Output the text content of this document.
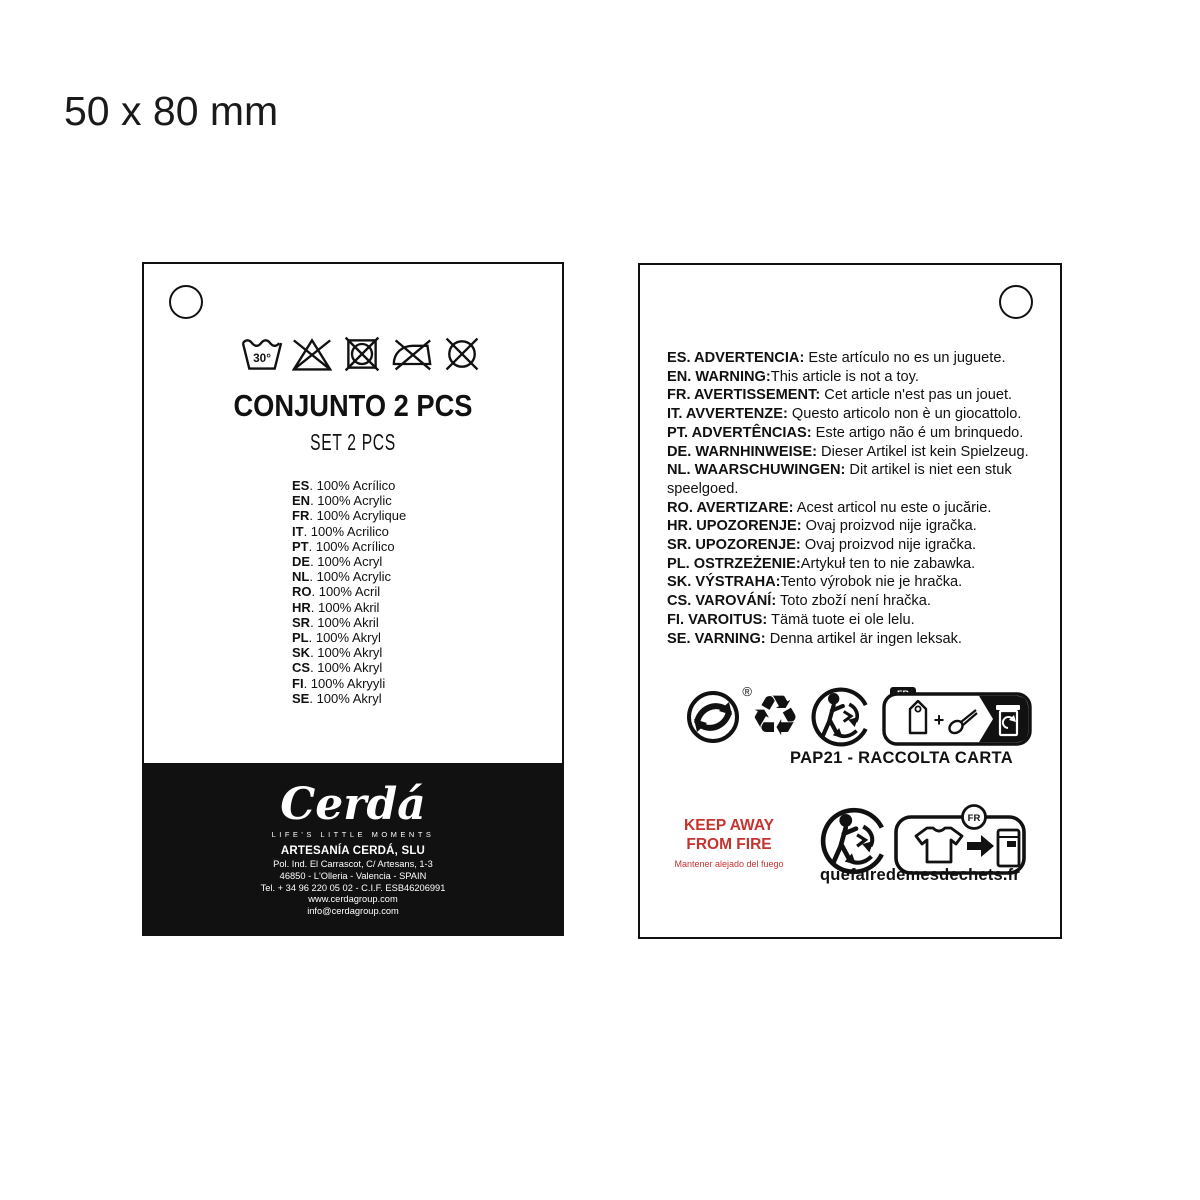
50 x 80 mm
30°
CONJUNTO 2 PCS
SET 2 PCS
ES. 100% Acrílico
EN. 100% Acrylic
FR. 100% Acrylique
IT. 100% Acrilico
PT. 100% Acrílico
DE. 100% Acryl
NL. 100% Acrylic
RO. 100% Acril
HR. 100% Akril
SR. 100% Akril
PL. 100% Akryl
SK. 100% Akryl
CS. 100% Akryl
FI. 100% Akryyli
SE. 100% Akryl
Cerdá
LIFE'S LITTLE MOMENTS
ARTESANÍA CERDÁ, SLU
Pol. Ind. El Carrascot, C/ Artesans, 1-3
46850 - L'Olleria - Valencia - SPAIN
Tel. + 34 96 220 05 02 - C.I.F. ESB46206991
www.cerdagroup.com
info@cerdagroup.com
ES. ADVERTENCIA: Este artículo no es un juguete.
EN. WARNING:This article is not a toy.
FR. AVERTISSEMENT: Cet article n'est pas un jouet.
IT. AVVERTENZE: Questo articolo non è un giocattolo.
PT. ADVERTÊNCIAS: Este artigo não é um brinquedo.
DE. WARNHINWEISE: Dieser Artikel ist kein Spielzeug.
NL. WAARSCHUWINGEN: Dit artikel is niet een stuk
speelgoed.
RO. AVERTIZARE: Acest articol nu este o jucărie.
HR. UPOZORENJE: Ovaj proizvod nije igračka.
SR. UPOZORENJE: Ovaj proizvod nije igračka.
PL. OSTRZEŻENIE:Artykuł ten to nie zabawka.
SK. VÝSTRAHA:Tento výrobok nie je hračka.
CS. VAROVÁNÍ: Toto zboží není hračka.
FI. VAROITUS: Tämä tuote ei ole lelu.
SE. VARNING: Denna artikel är ingen leksak.
®
♻	+
PAP21 - RACCOLTA CARTA
KEEP AWAY
FROM FIRE
Mantener alejado del fuego
FR
quefairedemesdechets.fr
